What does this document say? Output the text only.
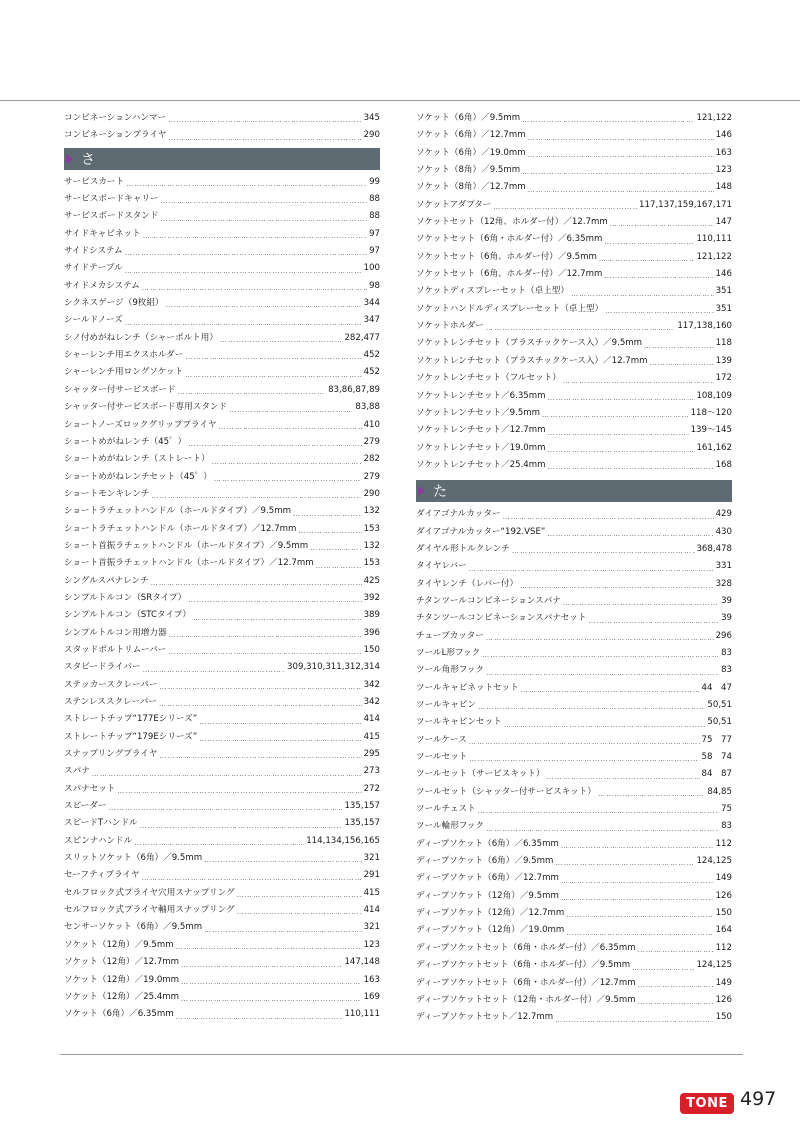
コンビネーションハンマー …………………………………………………………………………………………………………………………………………………………………	345
コンビネーションプライヤ …………………………………………………………………………………………………………………………………………………………………	290
さ
サービスカート …………………………………………………………………………………………………………………………………………………………………	99
サービスボードキャリー …………………………………………………………………………………………………………………………………………………………………	88
サービスボードスタンド …………………………………………………………………………………………………………………………………………………………………	88
サイドキャビネット …………………………………………………………………………………………………………………………………………………………………	97
サイドシステム …………………………………………………………………………………………………………………………………………………………………	97
サイドテーブル …………………………………………………………………………………………………………………………………………………………………	100
サイドメカシステム …………………………………………………………………………………………………………………………………………………………………	98
シクネスゲージ（9枚組） …………………………………………………………………………………………………………………………………………………………………	344
シールドノーズ …………………………………………………………………………………………………………………………………………………………………	347
シノ付めがねレンチ（シャーボルト用） …………………………………………………………………………………………………………………………………………………………………	282,477
シャーレンチ用エクスホルダー …………………………………………………………………………………………………………………………………………………………………	452
シャーレンチ用ロングソケット …………………………………………………………………………………………………………………………………………………………………	452
シャッター付サービスボード …………………………………………………………………………………………………………………………………………………………………	83,86,87,89
シャッター付サービスボード専用スタンド …………………………………………………………………………………………………………………………………………………………………	83,88
ショートノーズロックグリッププライヤ …………………………………………………………………………………………………………………………………………………………………	410
ショートめがねレンチ（45゜） …………………………………………………………………………………………………………………………………………………………………	279
ショートめがねレンチ（ストレート） …………………………………………………………………………………………………………………………………………………………………	282
ショートめがねレンチセット（45゜） …………………………………………………………………………………………………………………………………………………………………	279
ショートモンキレンチ …………………………………………………………………………………………………………………………………………………………………	290
ショートラチェットハンドル（ホールドタイプ）／9.5mm …………………………………………………………………………………………………………………………………………………………………	132
ショートラチェットハンドル（ホールドタイプ）／12.7mm …………………………………………………………………………………………………………………………………………………………………	153
ショート首振ラチェットハンドル（ホールドタイプ）／9.5mm …………………………………………………………………………………………………………………………………………………………………	132
ショート首振ラチェットハンドル（ホールドタイプ）／12.7mm …………………………………………………………………………………………………………………………………………………………………	153
シングルスパナレンチ …………………………………………………………………………………………………………………………………………………………………	425
シンプルトルコン（SRタイプ） …………………………………………………………………………………………………………………………………………………………………	392
シンプルトルコン（STCタイプ） …………………………………………………………………………………………………………………………………………………………………	389
シンプルトルコン用増力器 …………………………………………………………………………………………………………………………………………………………………	396
スタッドボルトリムーバー …………………………………………………………………………………………………………………………………………………………………	150
スタビードライバー …………………………………………………………………………………………………………………………………………………………………	309,310,311,312,314
ステッカースクレーパー …………………………………………………………………………………………………………………………………………………………………	342
ステンレススクレーパー …………………………………………………………………………………………………………………………………………………………………	342
ストレートチップ“177Eシリーズ” …………………………………………………………………………………………………………………………………………………………………	414
ストレートチップ“179Eシリーズ” …………………………………………………………………………………………………………………………………………………………………	415
スナップリングプライヤ …………………………………………………………………………………………………………………………………………………………………	295
スパナ …………………………………………………………………………………………………………………………………………………………………	273
スパナセット …………………………………………………………………………………………………………………………………………………………………	272
スピーダー …………………………………………………………………………………………………………………………………………………………………	135,157
スピードTハンドル …………………………………………………………………………………………………………………………………………………………………	135,157
スピンナハンドル …………………………………………………………………………………………………………………………………………………………………	114,134,156,165
スリットソケット（6角）／9.5mm …………………………………………………………………………………………………………………………………………………………………	321
セーフティプライヤ …………………………………………………………………………………………………………………………………………………………………	291
セルフロック式プライヤ穴用スナップリング …………………………………………………………………………………………………………………………………………………………………	415
セルフロック式プライヤ軸用スナップリング …………………………………………………………………………………………………………………………………………………………………	414
センサーソケット（6角）／9.5mm …………………………………………………………………………………………………………………………………………………………………	321
ソケット（12角）／9.5mm …………………………………………………………………………………………………………………………………………………………………	123
ソケット（12角）／12.7mm …………………………………………………………………………………………………………………………………………………………………	147,148
ソケット（12角）／19.0mm …………………………………………………………………………………………………………………………………………………………………	163
ソケット（12角）／25.4mm …………………………………………………………………………………………………………………………………………………………………	169
ソケット（6角）／6.35mm …………………………………………………………………………………………………………………………………………………………………	110,111
ソケット（6角）／9.5mm …………………………………………………………………………………………………………………………………………………………………	121,122
ソケット（6角）／12.7mm …………………………………………………………………………………………………………………………………………………………………	146
ソケット（6角）／19.0mm …………………………………………………………………………………………………………………………………………………………………	163
ソケット（8角）／9.5mm …………………………………………………………………………………………………………………………………………………………………	123
ソケット（8角）／12.7mm …………………………………………………………………………………………………………………………………………………………………	148
ソケットアダプター …………………………………………………………………………………………………………………………………………………………………	117,137,159,167,171
ソケットセット（12角、ホルダー付）／12.7mm …………………………………………………………………………………………………………………………………………………………………	147
ソケットセット（6角・ホルダー付）／6.35mm …………………………………………………………………………………………………………………………………………………………………	110,111
ソケットセット（6角、ホルダー付）／9.5mm …………………………………………………………………………………………………………………………………………………………………	121,122
ソケットセット（6角、ホルダー付）／12.7mm …………………………………………………………………………………………………………………………………………………………………	146
ソケットディスプレーセット（卓上型） …………………………………………………………………………………………………………………………………………………………………	351
ソケットハンドルディスプレーセット（卓上型） …………………………………………………………………………………………………………………………………………………………………	351
ソケットホルダー …………………………………………………………………………………………………………………………………………………………………	117,138,160
ソケットレンチセット（プラスチックケース入）／9.5mm …………………………………………………………………………………………………………………………………………………………………	118
ソケットレンチセット（プラスチックケース入）／12.7mm …………………………………………………………………………………………………………………………………………………………………	139
ソケットレンチセット（フルセット） …………………………………………………………………………………………………………………………………………………………………	172
ソケットレンチセット／6.35mm …………………………………………………………………………………………………………………………………………………………………	108,109
ソケットレンチセット／9.5mm …………………………………………………………………………………………………………………………………………………………………	118～120
ソケットレンチセット／12.7mm …………………………………………………………………………………………………………………………………………………………………	139～145
ソケットレンチセット／19.0mm …………………………………………………………………………………………………………………………………………………………………	161,162
ソケットレンチセット／25.4mm …………………………………………………………………………………………………………………………………………………………………	168
た
ダイアゴナルカッター …………………………………………………………………………………………………………………………………………………………………	429
ダイアゴナルカッター“192.VSE” …………………………………………………………………………………………………………………………………………………………………	430
ダイヤル形トルクレンチ …………………………………………………………………………………………………………………………………………………………………	368,478
タイヤレバー …………………………………………………………………………………………………………………………………………………………………	331
タイヤレンチ（レバー付） …………………………………………………………………………………………………………………………………………………………………	328
チタンツールコンビネーションスパナ …………………………………………………………………………………………………………………………………………………………………	39
チタンツールコンビネーションスパナセット …………………………………………………………………………………………………………………………………………………………………	39
チューブカッター …………………………………………………………………………………………………………………………………………………………………	296
ツールL形フック …………………………………………………………………………………………………………………………………………………………………	83
ツール角形フック …………………………………………………………………………………………………………………………………………………………………	83
ツールキャビネットセット …………………………………………………………………………………………………………………………………………………………………	44　47
ツールキャビン …………………………………………………………………………………………………………………………………………………………………	50,51
ツールキャビンセット …………………………………………………………………………………………………………………………………………………………………	50,51
ツールケース …………………………………………………………………………………………………………………………………………………………………	75　77
ツールセット …………………………………………………………………………………………………………………………………………………………………	58　74
ツールセット（サービスキット） …………………………………………………………………………………………………………………………………………………………………	84　87
ツールセット（シャッター付サービスキット） …………………………………………………………………………………………………………………………………………………………………	84,85
ツールチェスト …………………………………………………………………………………………………………………………………………………………………	75
ツール輪形フック …………………………………………………………………………………………………………………………………………………………………	83
ディープソケット（6角）／6.35mm …………………………………………………………………………………………………………………………………………………………………	112
ディープソケット（6角）／9.5mm …………………………………………………………………………………………………………………………………………………………………	124,125
ディープソケット（6角）／12.7mm …………………………………………………………………………………………………………………………………………………………………	149
ディープソケット（12角）／9.5mm …………………………………………………………………………………………………………………………………………………………………	126
ディープソケット（12角）／12.7mm …………………………………………………………………………………………………………………………………………………………………	150
ディープソケット（12角）／19.0mm …………………………………………………………………………………………………………………………………………………………………	164
ディープソケットセット（6角・ホルダー付）／6.35mm …………………………………………………………………………………………………………………………………………………………………	112
ディープソケットセット（6角・ホルダー付）／9.5mm …………………………………………………………………………………………………………………………………………………………………	124,125
ディープソケットセット（6角・ホルダー付）／12.7mm …………………………………………………………………………………………………………………………………………………………………	149
ディープソケットセット（12角・ホルダー付）／9.5mm …………………………………………………………………………………………………………………………………………………………………	126
ディープソケットセット／12.7mm …………………………………………………………………………………………………………………………………………………………………	150
TONE 497
